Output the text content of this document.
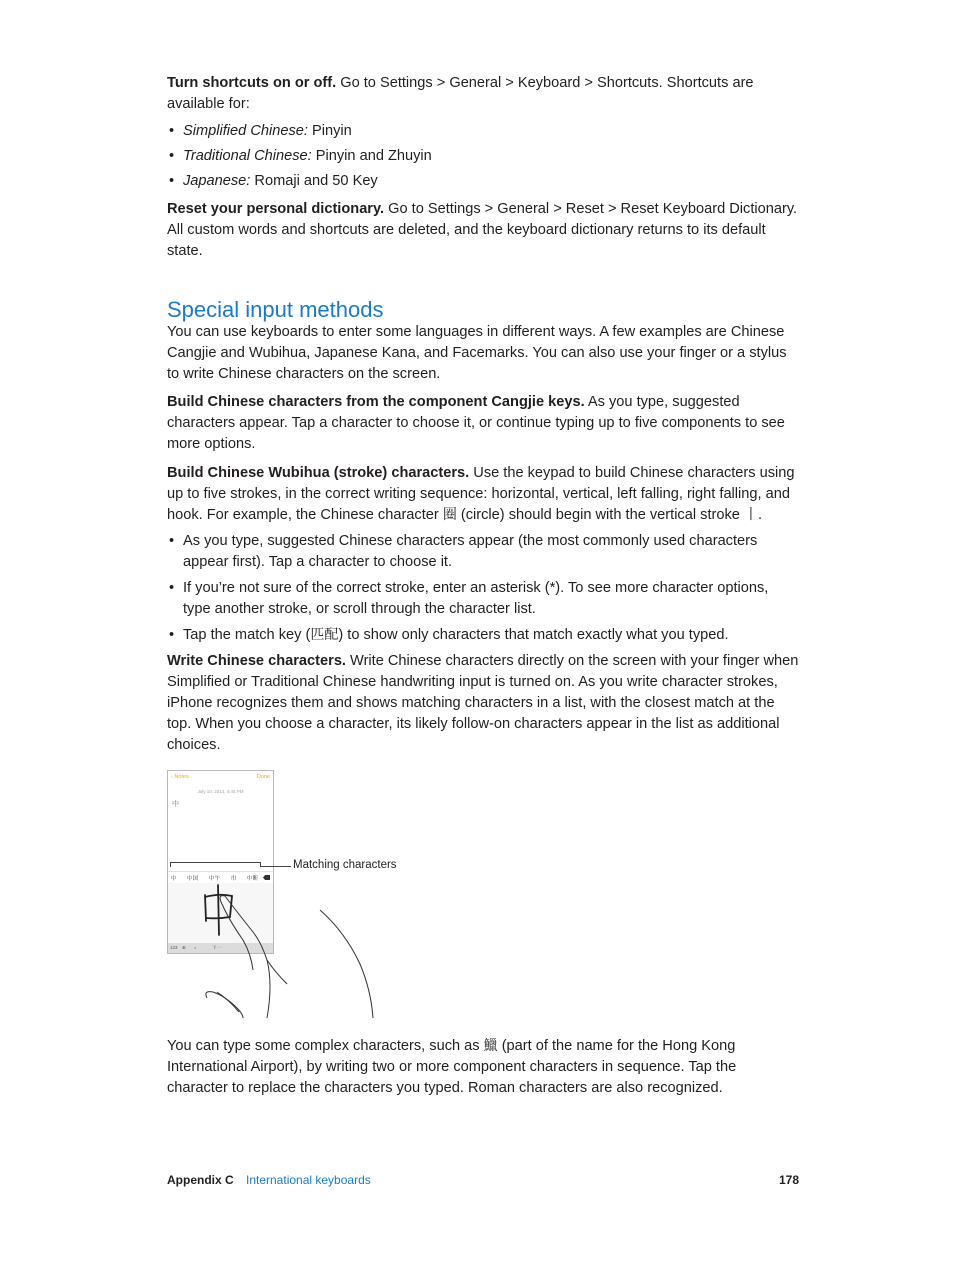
Turn shortcuts on or off. Go to Settings > General > Keyboard > Shortcuts. Shortcuts are available for:

• Simplified Chinese: Pinyin
• Traditional Chinese: Pinyin and Zhuyin
• Japanese: Romaji and 50 Key

Reset your personal dictionary. Go to Settings > General > Reset > Reset Keyboard Dictionary. All custom words and shortcuts are deleted, and the keyboard dictionary returns to its default state.

Special input methods

You can use keyboards to enter some languages in different ways. A few examples are Chinese Cangjie and Wubihua, Japanese Kana, and Facemarks. You can also use your finger or a stylus to write Chinese characters on the screen.

Build Chinese characters from the component Cangjie keys. As you type, suggested characters appear. Tap a character to choose it, or continue typing up to five components to see more options.

Build Chinese Wubihua (stroke) characters. Use the keypad to build Chinese characters using up to five strokes, in the correct writing sequence: horizontal, vertical, left falling, right falling, and hook. For example, the Chinese character 圈 (circle) should begin with the vertical stroke 丨.

• As you type, suggested Chinese characters appear (the most commonly used characters appear first). Tap a character to choose it.
• If you’re not sure of the correct stroke, enter an asterisk (*). To see more character options, type another stroke, or scroll through the character list.
• Tap the match key (匹配) to show only characters that match exactly what you typed.

Write Chinese characters. Write Chinese characters directly on the screen with your finger when Simplified or Traditional Chinese handwriting input is turned on. As you write character strokes, iPhone recognizes them and shows matching characters in a list, with the closest match at the top. When you choose a character, its likely follow-on characters appear in the list as additional choices.

‹ Notes	Done
July 10, 2014, 4:45 PM
中
中 中国 中午 巾 中断
123 ⊕ ♪	下一
Matching characters

You can type some complex characters, such as 鱲 (part of the name for the Hong Kong International Airport), by writing two or more component characters in sequence. Tap the character to replace the characters you typed. Roman characters are also recognized.

Appendix C International keyboards	178
